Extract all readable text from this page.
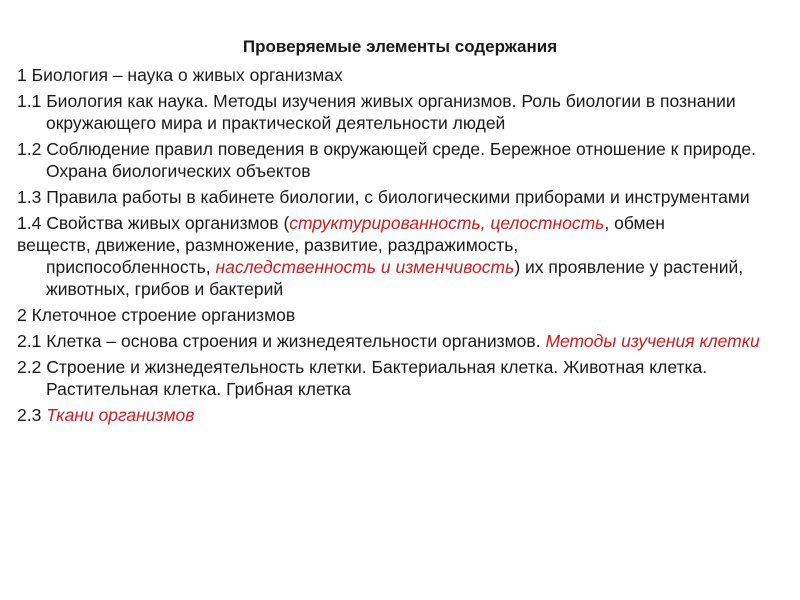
Проверяемые элементы содержания

1 Биология – наука о живых организмах

1.1 Биология как наука. Методы изучения живых организмов. Роль биологии в познании окружающего мира и практической деятельности людей

1.2 Соблюдение правил поведения в окружающей среде. Бережное отношение к природе. Охрана биологических объектов

1.3 Правила работы в кабинете биологии, с биологическими приборами и инструментами

1.4 Свойства живых организмов (структурированность, целостность, обмен

веществ, движение, размножение, развитие, раздражимость,

приспособленность, наследственность и изменчивость) их проявление у растений, животных, грибов и бактерий

2 Клеточное строение организмов

2.1 Клетка – основа строения и жизнедеятельности организмов. Методы изучения клетки

2.2 Строение и жизнедеятельность клетки. Бактериальная клетка. Животная клетка. Растительная клетка. Грибная клетка

2.3 Ткани организмов
